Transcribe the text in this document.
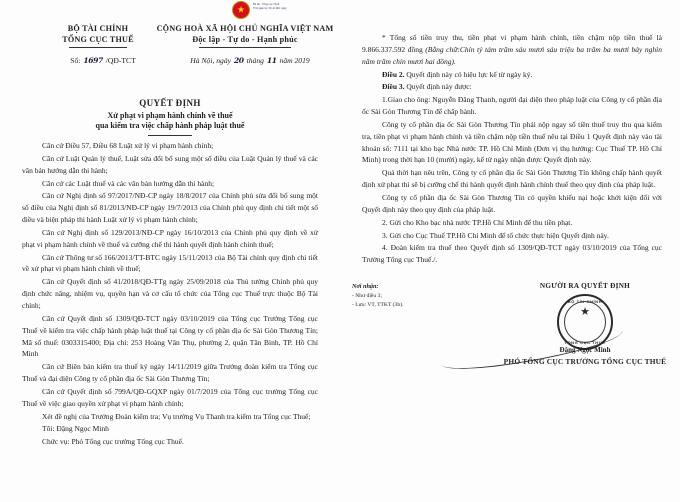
★
Bộ tài - Tổng cục Thuế
Thời gian ký: 20-11 đến ngày
BỘ TÀI CHÍNH
TỔNG CỤC THUẾ
CỘNG HOÀ XÃ HỘI CHỦ NGHĨA VIỆT NAM
Độc lập - Tự do - Hạnh phúc
Số: 1697 /QĐ-TCT	Hà Nội, ngày 20 tháng 11 năm 2019
QUYẾT ĐỊNH
Xử phạt vi phạm hành chính về thuế
qua kiểm tra việc chấp hành pháp luật thuế

Căn cứ Điều 57, Điều 68 Luật xử lý vi phạm hành chính;

Căn cứ Luật Quản lý thuế, Luật sửa đổi bổ sung một số điều của Luật Quản lý thuế và các văn bản hướng dẫn thi hành;

Căn cứ các Luật thuế và các văn bản hướng dẫn thi hành;

Căn cứ Nghị định số 97/2017/NĐ-CP ngày 18/8/2017 của Chính phủ sửa đổi bổ sung một số điều của Nghị định số 81/2013/NĐ-CP ngày 19/7/2013 của Chính phủ quy định chi tiết một số điều và biện pháp thi hành Luật xử lý vi phạm hành chính;

Căn cứ Nghị định số 129/2013/NĐ-CP ngày 16/10/2013 của Chính phủ quy định về xử phạt vi phạm hành chính về thuế và cưỡng chế thi hành quyết định hành chính thuế;

Căn cứ Thông tư số 166/2013/TT-BTC ngày 15/11/2013 của Bộ Tài chính quy định chi tiết về xử phạt vi phạm hành chính về thuế;

Căn cứ Quyết định số 41/2018/QĐ-TTg ngày 25/09/2018 của Thủ tướng Chính phủ quy định chức năng, nhiệm vụ, quyền hạn và cơ cấu tổ chức của Tổng cục Thuế trực thuộc Bộ Tài chính;

Căn cứ Quyết định số 1309/QĐ-TCT ngày 03/10/2019 của Tổng cục Trưởng Tổng cục Thuế về kiểm tra việc chấp hành pháp luật thuế tại Công ty cổ phần địa ốc Sài Gòn Thương Tín; Mã số thuế: 0303315400; Địa chỉ: 253 Hoàng Văn Thụ, phường 2, quận Tân Bình, TP. Hồ Chí Minh

Căn cứ Biên bản kiểm tra thuế ký ngày 14/11/2019 giữa Trưởng đoàn kiểm tra Tổng cục Thuế và đại diện Công ty cổ phần địa ốc Sài Gòn Thương Tín;

Căn cứ Quyết định số 799A/QĐ-GQXP ngày 01/7/2019 của Tổng cục trưởng Tổng cục Thuế về việc giao quyền xử phạt vi phạm hành chính;

Xét đề nghị của Trưởng Đoàn kiểm tra; Vụ trưởng Vụ Thanh tra kiểm tra Tổng cục Thuế;

Tôi: Đặng Ngọc Minh

Chức vụ: Phó Tổng cục trưởng Tổng cục Thuế.

* Tổng số tiền truy thu, tiền phạt vi phạm hành chính, tiền chậm nộp tiền thuế là 9.866.337.592 đồng (Bằng chữ:Chín tỷ tám trăm sáu mươi sáu triệu ba trăm ba mươi bảy nghìn năm trăm chín mươi hai đồng).

Điều 2. Quyết định này có hiệu lực kể từ ngày ký.

Điều 3. Quyết định này được:

1.Giao cho ông: Nguyễn Đăng Thanh, người đại diện theo pháp luật của Công ty cổ phần địa ốc Sài Gòn Thương Tín để chấp hành.

Công ty cổ phần địa ốc Sài Gòn Thương Tín phải nộp ngay số tiền thuế truy thu qua kiểm tra, tiền phạt vi phạm hành chính và tiền chậm nộp tiền thuế nêu tại Điều 1 Quyết định này vào tài khoản số: 7111 tại kho bạc Nhà nước TP. Hồ Chí Minh (Đơn vị thụ hưởng: Cục Thuế TP. Hồ Chí Minh) trong thời hạn 10 (mười) ngày, kể từ ngày nhận được Quyết định này.

Quá thời hạn nêu trên, Công ty cổ phần địa ốc Sài Gòn Thương Tín không chấp hành quyết định xử phạt thì sẽ bị cưỡng chế thi hành quyết định hành chính thuế theo quy định của pháp luật.

Công ty cổ phần địa ốc Sài Gòn Thương Tín có quyền khiếu nại hoặc khởi kiện đối với Quyết định này theo quy định của pháp luật.

2. Gửi cho Kho bạc nhà nước TP.Hồ Chí Minh để thu tiền phạt.

3. Gửi cho Cục Thuế TP.Hồ Chí Minh để tổ chức thực hiện Quyết định này.

4. Đoàn kiểm tra thuế theo Quyết định số 1309/QĐ-TCT ngày 03/10/2019 của Tổng cục Trưởng Tổng cục Thuế./.

Nơi nhận:
- Như điều 3;
- Lưu: VT, TTKT (3b).
NGƯỜI RA QUYẾT ĐỊNH
BỘ TÀI CHÍNH
★
TỔNG CỤC THUẾ
Đặng Ngọc Minh
PHÓ TỔNG CỤC TRƯỞNG TỔNG CỤC THUẾ
